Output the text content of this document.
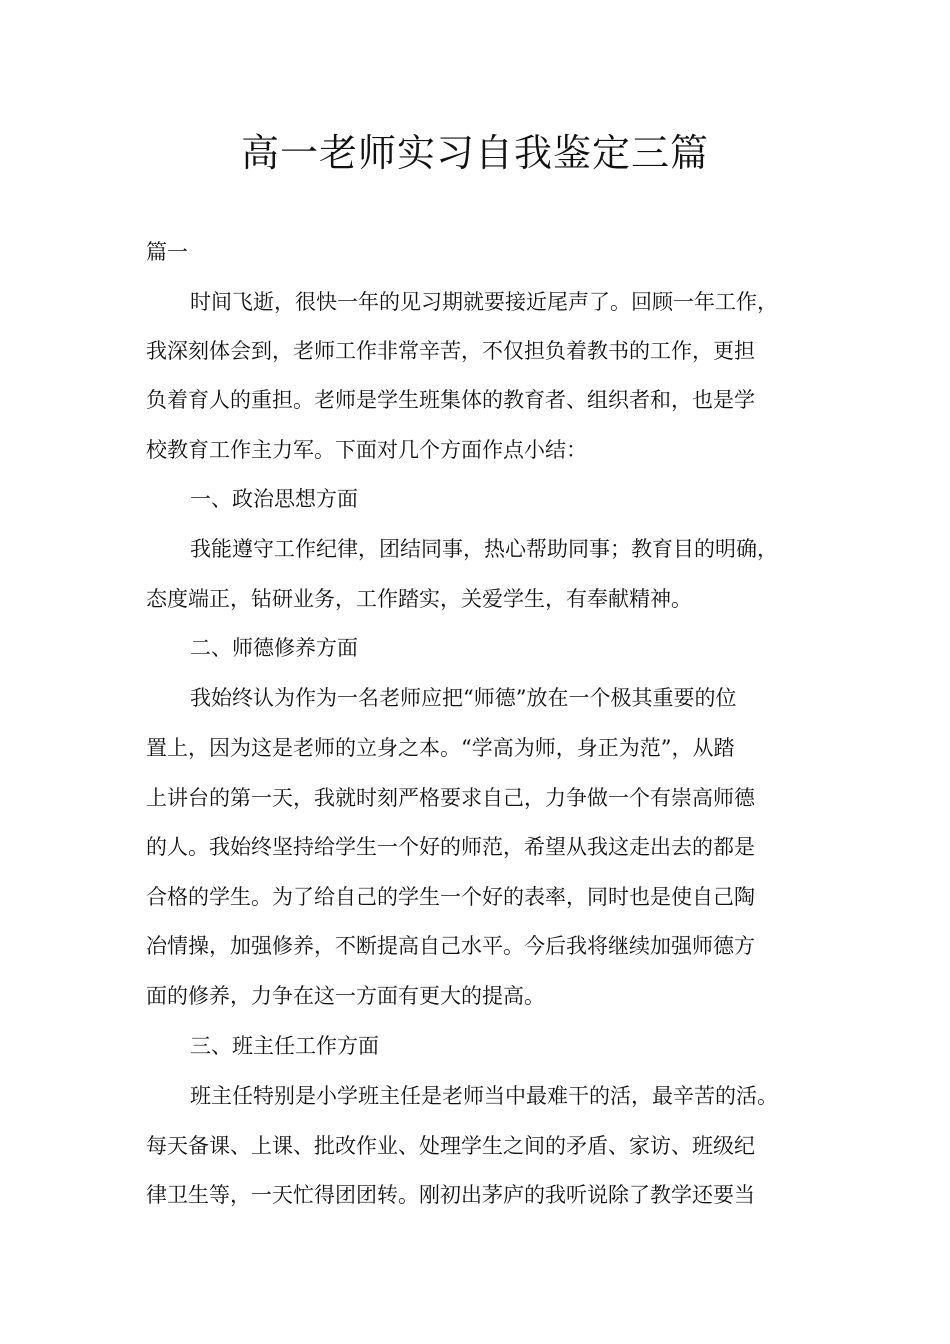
高一老师实习自我鉴定三篇
篇一
时间飞逝，很快一年的见习期就要接近尾声了。回顾一年工作，
我深刻体会到，老师工作非常辛苦，不仅担负着教书的工作，更担
负着育人的重担。老师是学生班集体的教育者、组织者和，也是学
校教育工作主力军。下面对几个方面作点小结：
一、政治思想方面
我能遵守工作纪律，团结同事，热心帮助同事；教育目的明确，
态度端正，钻研业务，工作踏实，关爱学生，有奉献精神。
二、师德修养方面
我始终认为作为一名老师应把“师德”放在一个极其重要的位
置上，因为这是老师的立身之本。“学高为师，身正为范”，从踏
上讲台的第一天，我就时刻严格要求自己，力争做一个有崇高师德
的人。我始终坚持给学生一个好的师范，希望从我这走出去的都是
合格的学生。为了给自己的学生一个好的表率，同时也是使自己陶
冶情操，加强修养，不断提高自己水平。今后我将继续加强师德方
面的修养，力争在这一方面有更大的提高。
三、班主任工作方面
班主任特别是小学班主任是老师当中最难干的活，最辛苦的活。
每天备课、上课、批改作业、处理学生之间的矛盾、家访、班级纪
律卫生等，一天忙得团团转。刚初出茅庐的我听说除了教学还要当
